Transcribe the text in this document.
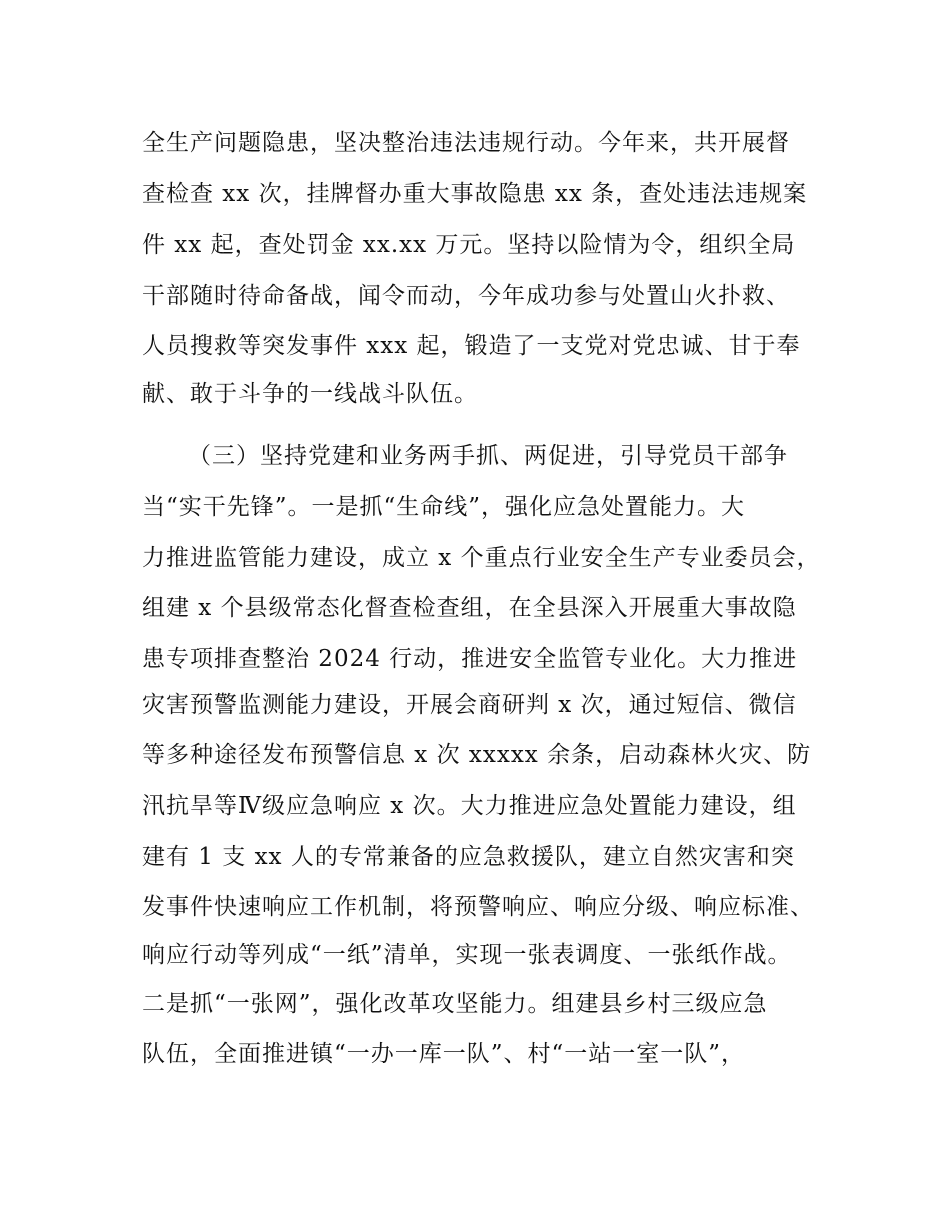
全生产问题隐患，坚决整治违法违规行动。今年来，共开展督
查检查 xx 次，挂牌督办重大事故隐患 xx 条，查处违法违规案
件 xx 起，查处罚金 xx.xx 万元。坚持以险情为令，组织全局
干部随时待命备战，闻令而动，今年成功参与处置山火扑救、
人员搜救等突发事件 xxx 起，锻造了一支党对党忠诚、甘于奉
献、敢于斗争的一线战斗队伍。
（三）坚持党建和业务两手抓、两促进，引导党员干部争
当“实干先锋”。一是抓“生命线”，强化应急处置能力。大
力推进监管能力建设，成立 x 个重点行业安全生产专业委员会，
组建 x 个县级常态化督查检查组，在全县深入开展重大事故隐
患专项排查整治 2024 行动，推进安全监管专业化。大力推进
灾害预警监测能力建设，开展会商研判 x 次，通过短信、微信
等多种途径发布预警信息 x 次 xxxxx 余条，启动森林火灾、防
汛抗旱等Ⅳ级应急响应 x 次。大力推进应急处置能力建设，组
建有 1 支 xx 人的专常兼备的应急救援队，建立自然灾害和突
发事件快速响应工作机制，将预警响应、响应分级、响应标准、
响应行动等列成“一纸”清单，实现一张表调度、一张纸作战。
二是抓“一张网”，强化改革攻坚能力。组建县乡村三级应急
队伍，全面推进镇“一办一库一队”、村“一站一室一队”，
